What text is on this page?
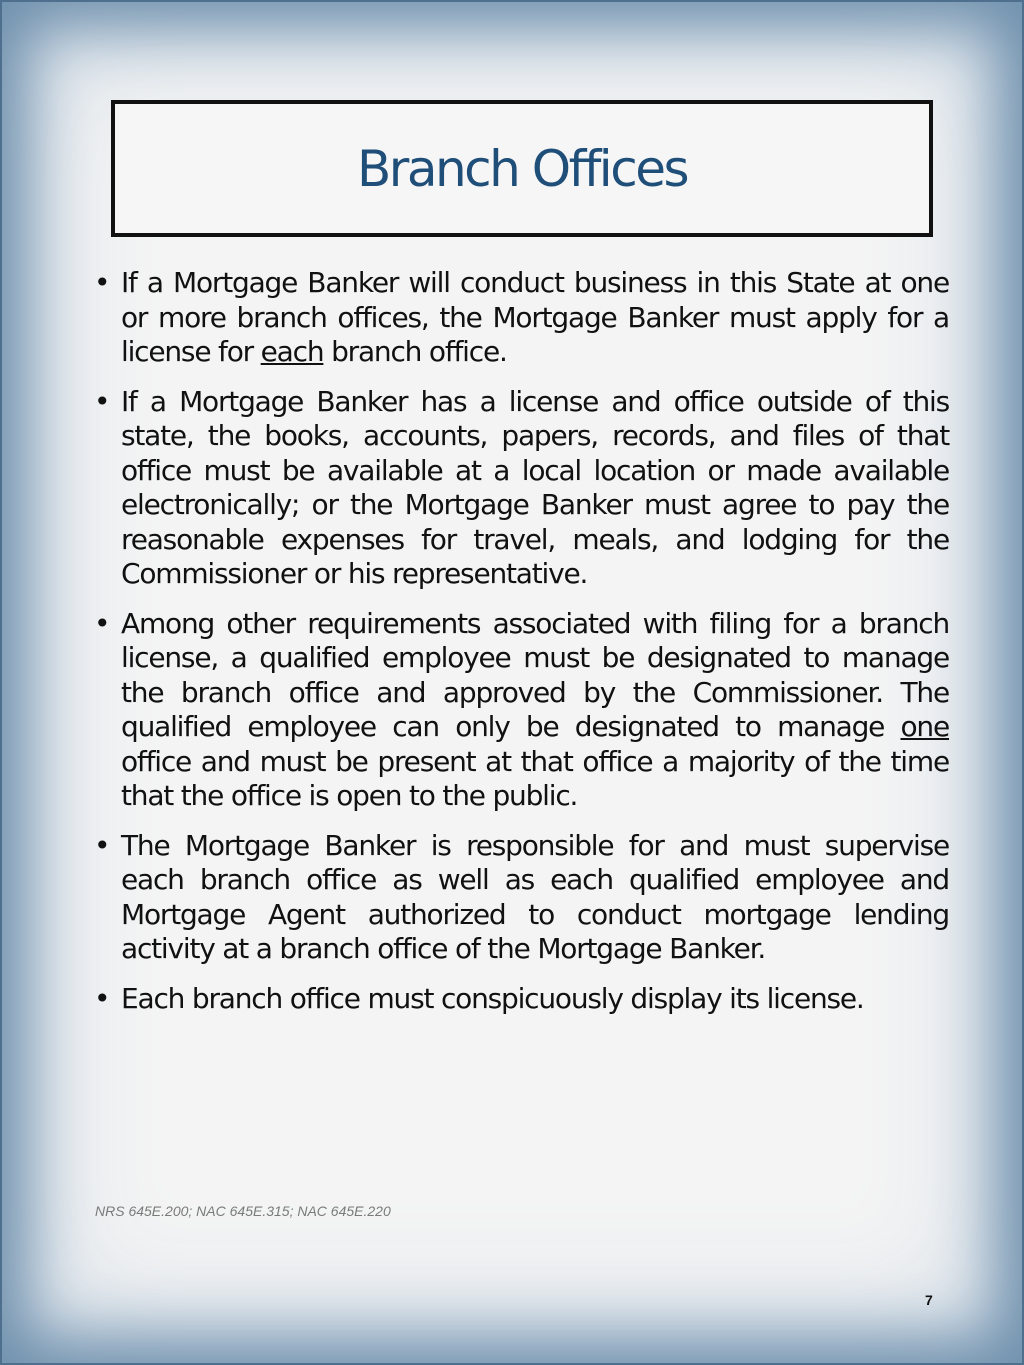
Branch Offices
• If a Mortgage Banker will conduct business in this State at one or more branch offices, the Mortgage Banker must apply for a license for each branch office.
• If a Mortgage Banker has a license and office outside of this state, the books, accounts, papers, records, and files of that office must be available at a local location or made available electronically; or the Mortgage Banker must agree to pay the reasonable expenses for travel, meals, and lodging for the Commissioner or his representative.
• Among other requirements associated with filing for a branch license, a qualified employee must be designated to manage the branch office and approved by the Commissioner. The qualified employee can only be designated to manage one office and must be present at that office a majority of the time that the office is open to the public.
• The Mortgage Banker is responsible for and must supervise each branch office as well as each qualified employee and Mortgage Agent authorized to conduct mortgage lending activity at a branch office of the Mortgage Banker.
• Each branch office must conspicuously display its license.
NRS 645E.200; NAC 645E.315; NAC 645E.220
7
